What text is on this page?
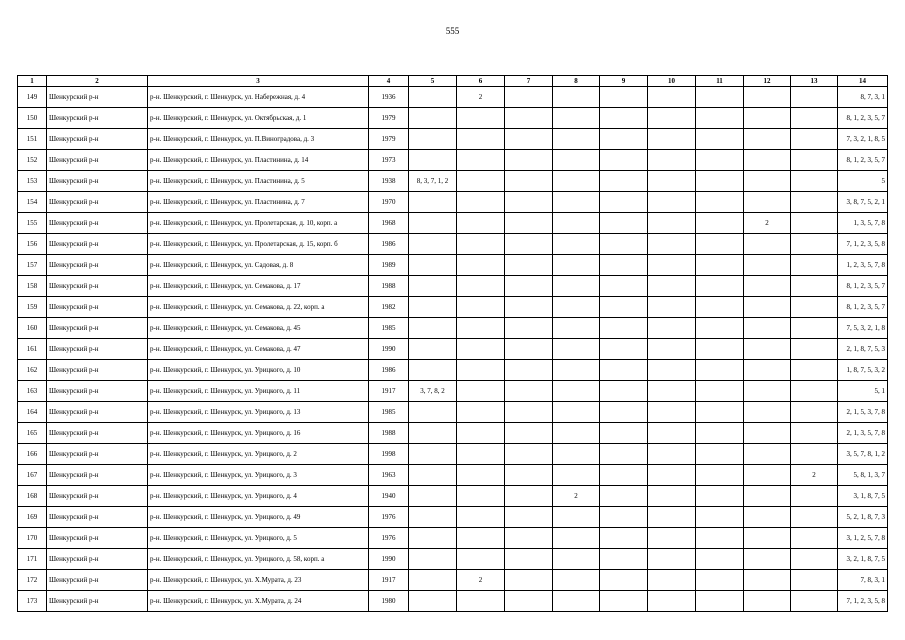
555
1	2	3	4	5	6	7	8	9	10	11	12	13	14
149	Шенкурский р-н	р-н. Шенкурский, г. Шенкурск, ул. Набережная, д. 4	1936		2								8, 7, 3, 1
150	Шенкурский р-н	р-н. Шенкурский, г. Шенкурск, ул. Октябрьская, д. 1	1979										8, 1, 2, 3, 5, 7
151	Шенкурский р-н	р-н. Шенкурский, г. Шенкурск, ул. П.Виноградова, д. 3	1979										7, 3, 2, 1, 8, 5
152	Шенкурский р-н	р-н. Шенкурский, г. Шенкурск, ул. Пластинина, д. 14	1973										8, 1, 2, 3, 5, 7
153	Шенкурский р-н	р-н. Шенкурский, г. Шенкурск, ул. Пластинина, д. 5	1938	8, 3, 7, 1, 2									5
154	Шенкурский р-н	р-н. Шенкурский, г. Шенкурск, ул. Пластинина, д. 7	1970										3, 8, 7, 5, 2, 1
155	Шенкурский р-н	р-н. Шенкурский, г. Шенкурск, ул. Пролетарская, д. 10, корп. а	1968								2		1, 3, 5, 7, 8
156	Шенкурский р-н	р-н. Шенкурский, г. Шенкурск, ул. Пролетарская, д. 15, корп. б	1986										7, 1, 2, 3, 5, 8
157	Шенкурский р-н	р-н. Шенкурский, г. Шенкурск, ул. Садовая, д. 8	1989										1, 2, 3, 5, 7, 8
158	Шенкурский р-н	р-н. Шенкурский, г. Шенкурск, ул. Семакова, д. 17	1988										8, 1, 2, 3, 5, 7
159	Шенкурский р-н	р-н. Шенкурский, г. Шенкурск, ул. Семакова, д. 22, корп. а	1982										8, 1, 2, 3, 5, 7
160	Шенкурский р-н	р-н. Шенкурский, г. Шенкурск, ул. Семакова, д. 45	1985										7, 5, 3, 2, 1, 8
161	Шенкурский р-н	р-н. Шенкурский, г. Шенкурск, ул. Семакова, д. 47	1990										2, 1, 8, 7, 5, 3
162	Шенкурский р-н	р-н. Шенкурский, г. Шенкурск, ул. Урицкого, д. 10	1986										1, 8, 7, 5, 3, 2
163	Шенкурский р-н	р-н. Шенкурский, г. Шенкурск, ул. Урицкого, д. 11	1917	3, 7, 8, 2									5, 1
164	Шенкурский р-н	р-н. Шенкурский, г. Шенкурск, ул. Урицкого, д. 13	1985										2, 1, 5, 3, 7, 8
165	Шенкурский р-н	р-н. Шенкурский, г. Шенкурск, ул. Урицкого, д. 16	1988										2, 1, 3, 5, 7, 8
166	Шенкурский р-н	р-н. Шенкурский, г. Шенкурск, ул. Урицкого, д. 2	1998										3, 5, 7, 8, 1, 2
167	Шенкурский р-н	р-н. Шенкурский, г. Шенкурск, ул. Урицкого, д. 3	1963									2	5, 8, 1, 3, 7
168	Шенкурский р-н	р-н. Шенкурский, г. Шенкурск, ул. Урицкого, д. 4	1940				2						3, 1, 8, 7, 5
169	Шенкурский р-н	р-н. Шенкурский, г. Шенкурск, ул. Урицкого, д. 49	1976										5, 2, 1, 8, 7, 3
170	Шенкурский р-н	р-н. Шенкурский, г. Шенкурск, ул. Урицкого, д. 5	1976										3, 1, 2, 5, 7, 8
171	Шенкурский р-н	р-н. Шенкурский, г. Шенкурск, ул. Урицкого, д. 58, корп. а	1990										3, 2, 1, 8, 7, 5
172	Шенкурский р-н	р-н. Шенкурский, г. Шенкурск, ул. Х.Мурата, д. 23	1917		2								7, 8, 3, 1
173	Шенкурский р-н	р-н. Шенкурский, г. Шенкурск, ул. Х.Мурата, д. 24	1980										7, 1, 2, 3, 5, 8
